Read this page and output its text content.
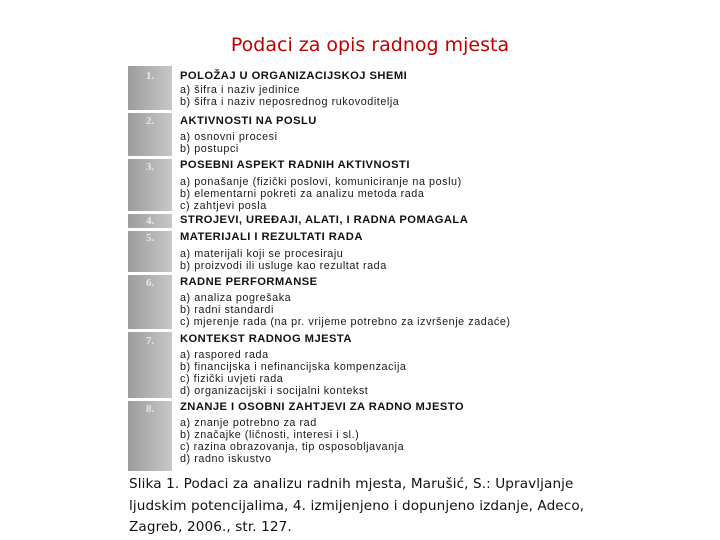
Podaci za opis radnog mjesta
1.	POLOŽAJ U ORGANIZACIJSKOJ SHEMI
a) šifra i naziv jedinice
b) šifra i naziv neposrednog rukovoditelja
2.	AKTIVNOSTI NA POSLU
a) osnovni procesi
b) postupci
3.	POSEBNI ASPEKT RADNIH AKTIVNOSTI
a) ponašanje (fizički poslovi, komuniciranje na poslu)
b) elementarni pokreti za analizu metoda rada
c) zahtjevi posla
4.	STROJEVI, UREĐAJI, ALATI, I RADNA POMAGALA
5.	MATERIJALI I REZULTATI RADA
a) materijali koji se procesiraju
b) proizvodi ili usluge kao rezultat rada
6.	RADNE PERFORMANSE
a) analiza pogrešaka
b) radni standardi
c) mjerenje rada (na pr. vrijeme potrebno za izvršenje zadaće)
7.	KONTEKST RADNOG MJESTA
a) raspored rada
b) financijska i nefinancijska kompenzacija
c) fizički uvjeti rada
d) organizacijski i socijalni kontekst
8.	ZNANJE I OSOBNI ZAHTJEVI ZA RADNO MJESTO
a) znanje potrebno za rad
b) značajke (ličnosti, interesi i sl.)
c) razina obrazovanja, tip osposobljavanja
d) radno iskustvo
Slika 1. Podaci za analizu radnih mjesta, Marušić, S.: Upravljanje ljudskim potencijalima, 4. izmijenjeno i dopunjeno izdanje, Adeco, Zagreb, 2006., str. 127.
